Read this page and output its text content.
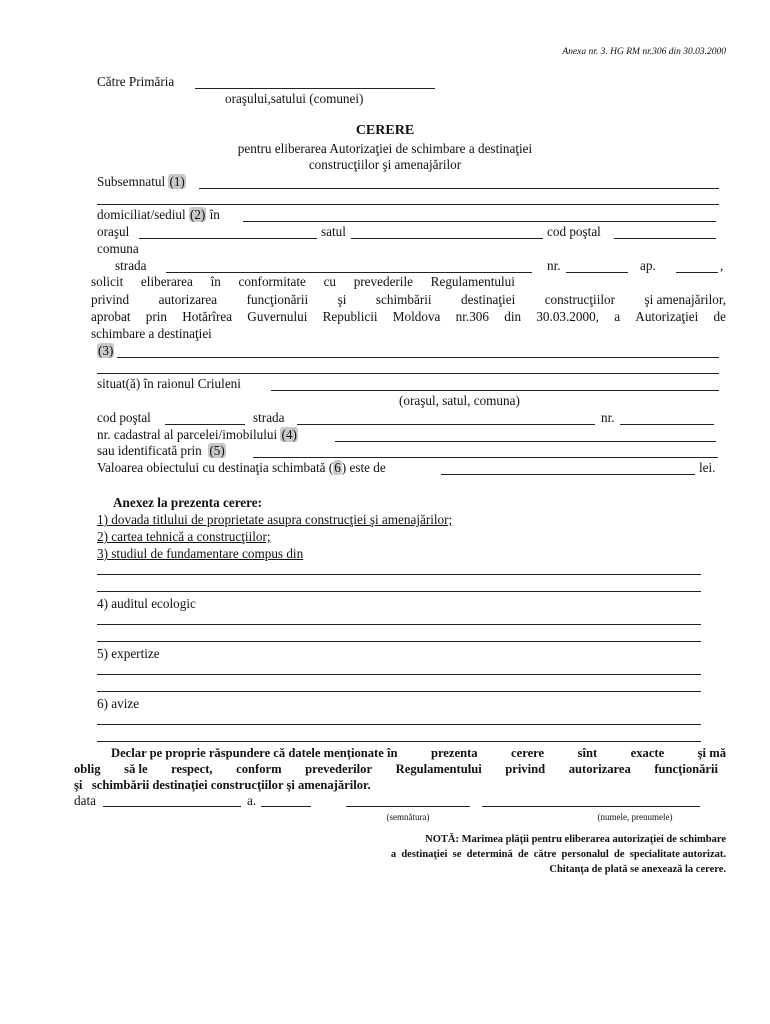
Anexa nr. 3. HG RM nr.306 din 30.03.2000
Către Primăria
oraşului,satului (comunei)
CERERE
pentru eliberarea Autorizaţiei de schimbare a destinaţiei
construcţiilor şi amenajărilor
Subsemnatul (1)
domiciliat/sediul (2) în
oraşul	satul	cod poştal
comuna
strada	nr.	ap.	,
solicit eliberarea în conformitate cu prevederile Regulamentului
privind autorizarea funcţionării şi schimbării destinaţiei construcţiilor şi amenajărilor,
aprobat prin Hotărîrea Guvernului Republicii Moldova nr.306 din 30.03.2000, a Autorizaţiei de
schimbare a destinaţiei
(3)
situat(ă) în raionul Criuleni
(oraşul, satul, comuna)
cod poştal	strada	nr.
nr. cadastral al parcelei/imobilului (4)
sau identificată prin (5)
Valoarea obiectului cu destinaţia schimbată (6) este de	lei.
Anexez la prezenta cerere:
1) dovada titlului de proprietate asupra construcţiei şi amenajărilor;
2) cartea tehnică a construcţiilor;
3) studiul de fundamentare compus din
4) auditul ecologic
5) expertize
6) avize
Declar pe proprie răspundere că datele menţionate în	prezenta	cerere	sînt	exacte	şi mă
oblig să le respect, conform prevederilor Regulamentului privind autorizarea funcţionării
şi   schimbării destinaţiei construcţiilor şi amenajărilor.
data	a.
(semnătura)	(numele, prenumele)
NOTĂ: Marimea plăţii pentru eliberarea autorizaţiei de schimbare
a  destinaţiei  se  determină  de  către  personalul  de  specialitate autorizat.
Chitanţa de plată se anexează la cerere.
